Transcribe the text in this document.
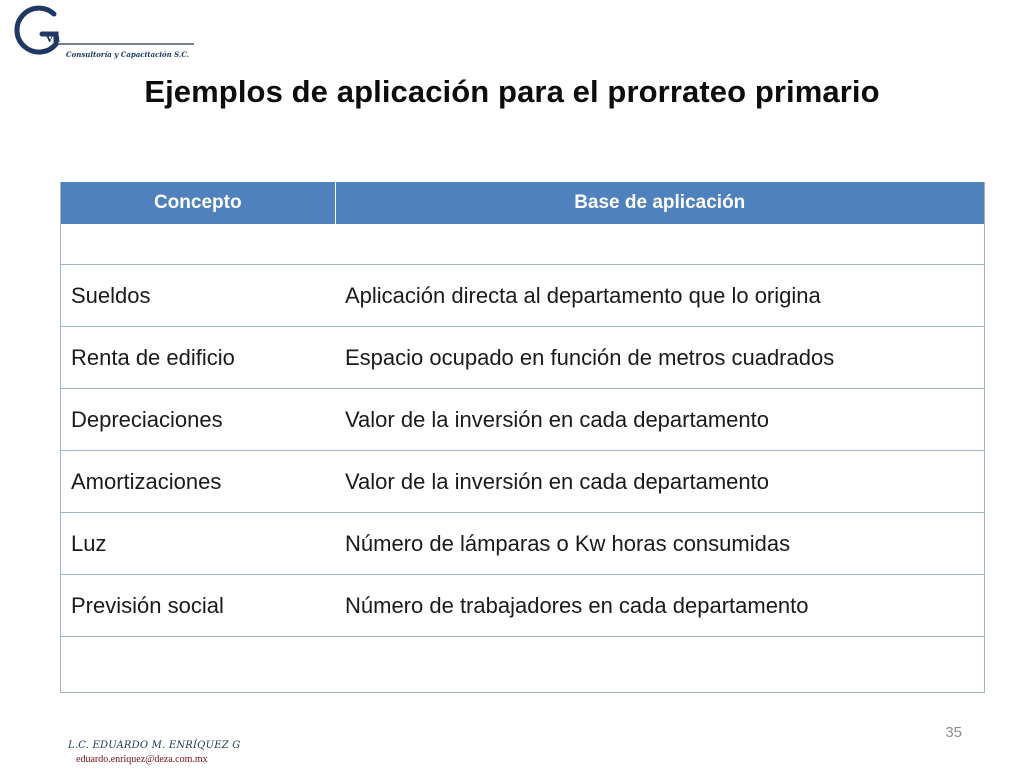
va
Consultoría y Capacitación S.C.
Ejemplos de aplicación para el prorrateo primario
Concepto	Base de aplicación

Sueldos	Aplicación directa al departamento que lo origina
Renta de edificio	Espacio ocupado en función de metros cuadrados
Depreciaciones	Valor de la inversión en cada departamento
Amortizaciones	Valor de la inversión en cada departamento
Luz	Número de lámparas o Kw horas consumidas
Previsión social	Número de trabajadores en cada departamento

35
L.C. EDUARDO M. ENRÍQUEZ G
eduardo.enriquez@deza.com.mx
